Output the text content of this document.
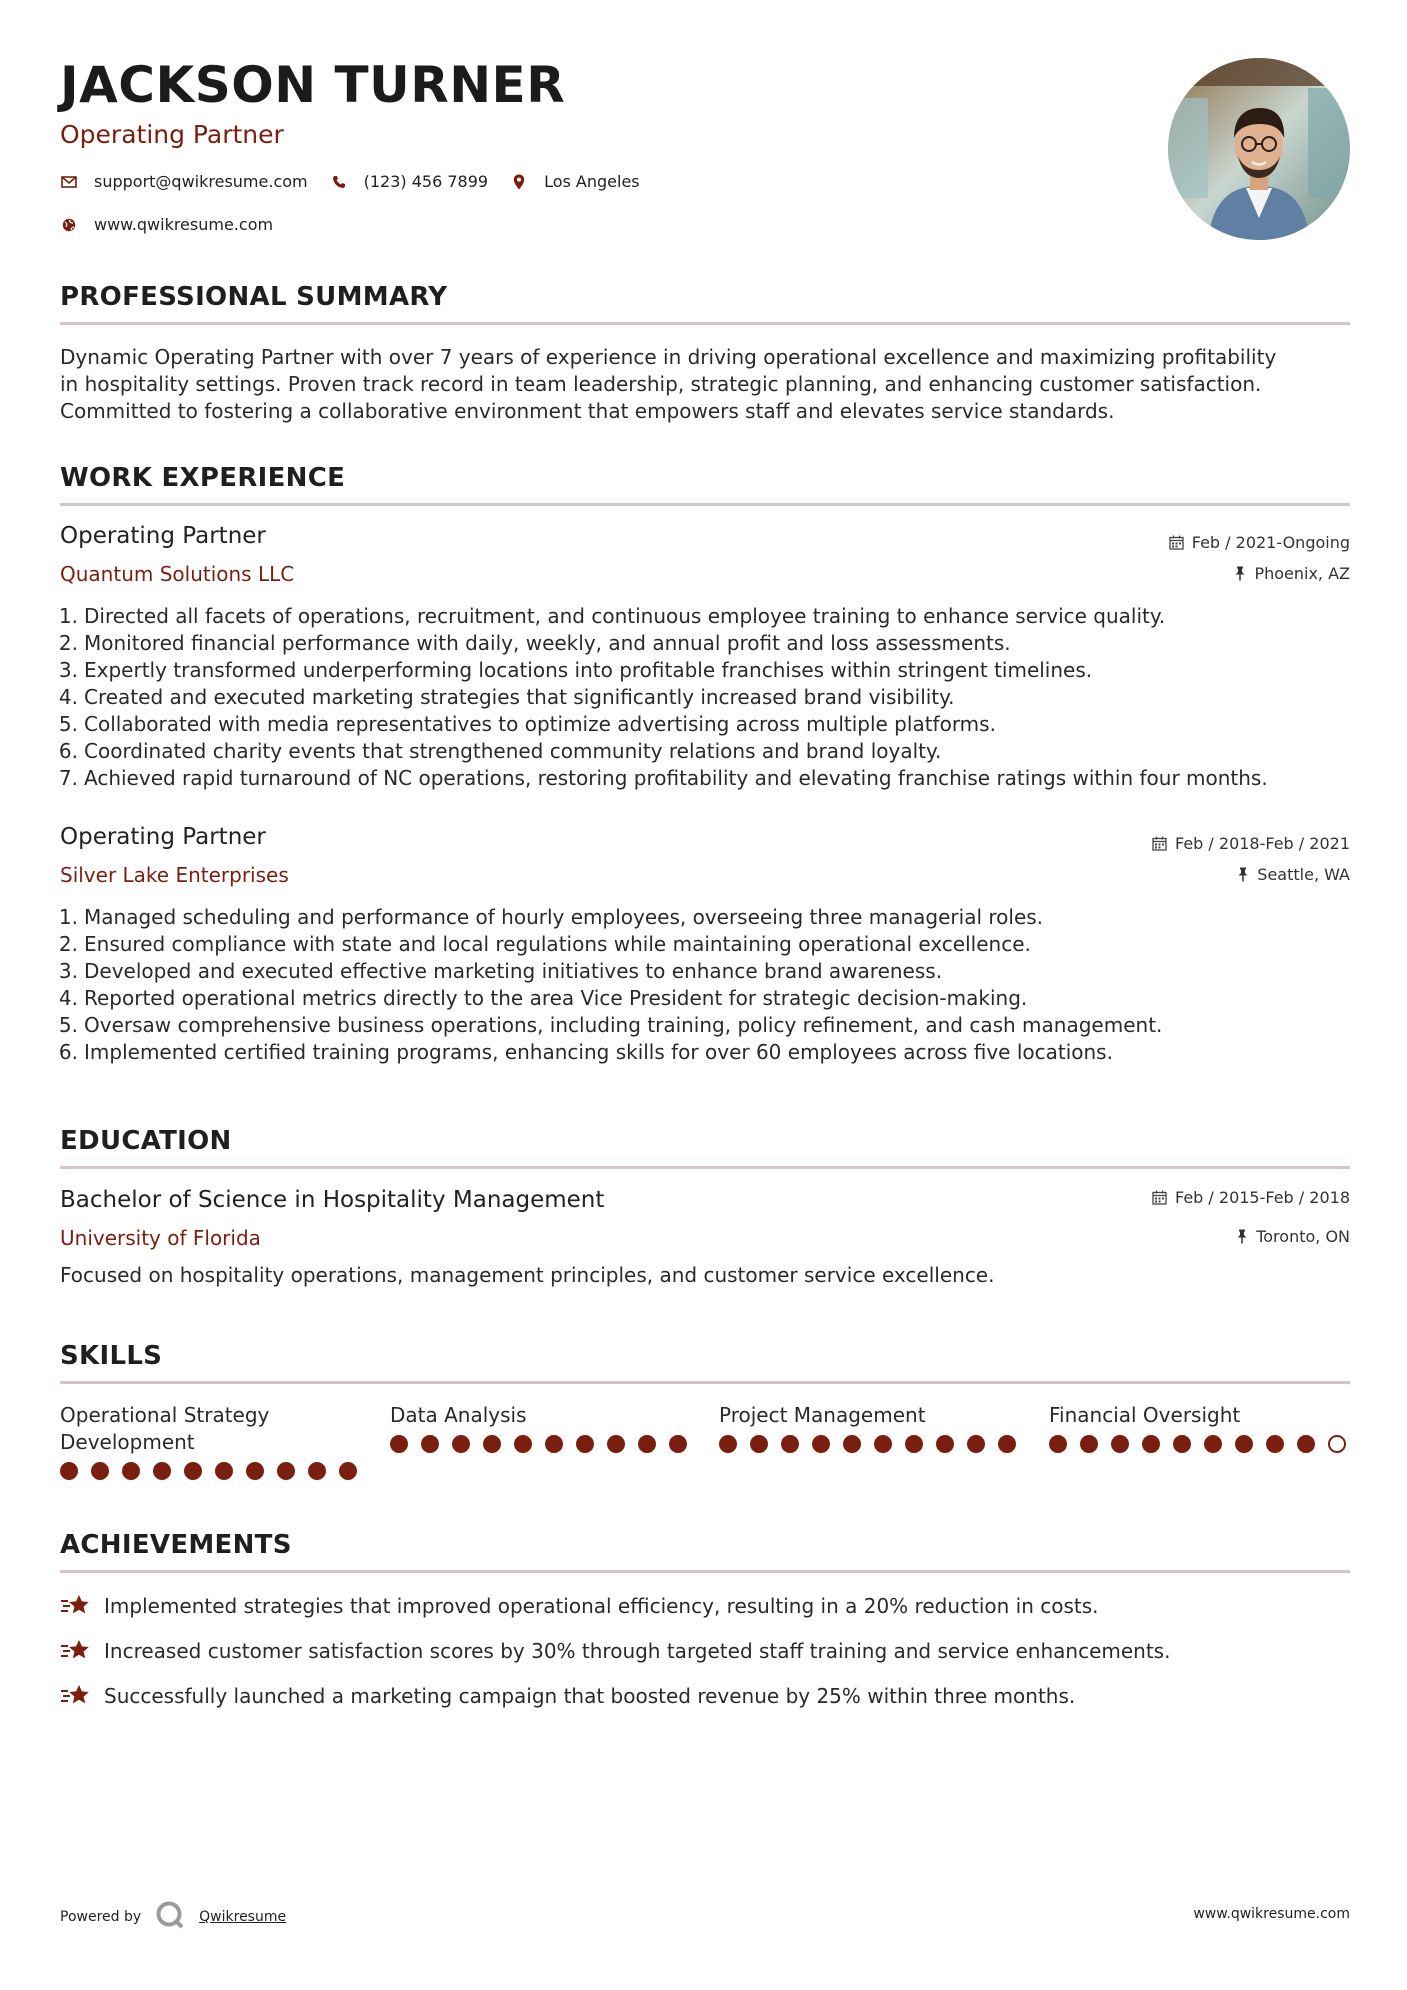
JACKSON TURNER
Operating Partner
support@qwikresume.com	(123) 456 7899	Los Angeles
www.qwikresume.com
PROFESSIONAL SUMMARY
Dynamic Operating Partner with over 7 years of experience in driving operational excellence and maximizing profitability
in hospitality settings. Proven track record in team leadership, strategic planning, and enhancing customer satisfaction.
Committed to fostering a collaborative environment that empowers staff and elevates service standards.
WORK EXPERIENCE
Operating Partner
Quantum Solutions LLC
Feb / 2021-Ongoing
Phoenix, AZ
1. Directed all facets of operations, recruitment, and continuous employee training to enhance service quality.
2. Monitored financial performance with daily, weekly, and annual profit and loss assessments.
3. Expertly transformed underperforming locations into profitable franchises within stringent timelines.
4. Created and executed marketing strategies that significantly increased brand visibility.
5. Collaborated with media representatives to optimize advertising across multiple platforms.
6. Coordinated charity events that strengthened community relations and brand loyalty.
7. Achieved rapid turnaround of NC operations, restoring profitability and elevating franchise ratings within four months.
Operating Partner
Silver Lake Enterprises
Feb / 2018-Feb / 2021
Seattle, WA
1. Managed scheduling and performance of hourly employees, overseeing three managerial roles.
2. Ensured compliance with state and local regulations while maintaining operational excellence.
3. Developed and executed effective marketing initiatives to enhance brand awareness.
4. Reported operational metrics directly to the area Vice President for strategic decision-making.
5. Oversaw comprehensive business operations, including training, policy refinement, and cash management.
6. Implemented certified training programs, enhancing skills for over 60 employees across five locations.
EDUCATION
Bachelor of Science in Hospitality Management
University of Florida
Feb / 2015-Feb / 2018
Toronto, ON
Focused on hospitality operations, management principles, and customer service excellence.
SKILLS
Operational Strategy
Development
Data Analysis	Project Management	Financial Oversight
ACHIEVEMENTS
Implemented strategies that improved operational efficiency, resulting in a 20% reduction in costs.
Increased customer satisfaction scores by 30% through targeted staff training and service enhancements.
Successfully launched a marketing campaign that boosted revenue by 25% within three months.
Powered by	Qwikresume	www.qwikresume.com
